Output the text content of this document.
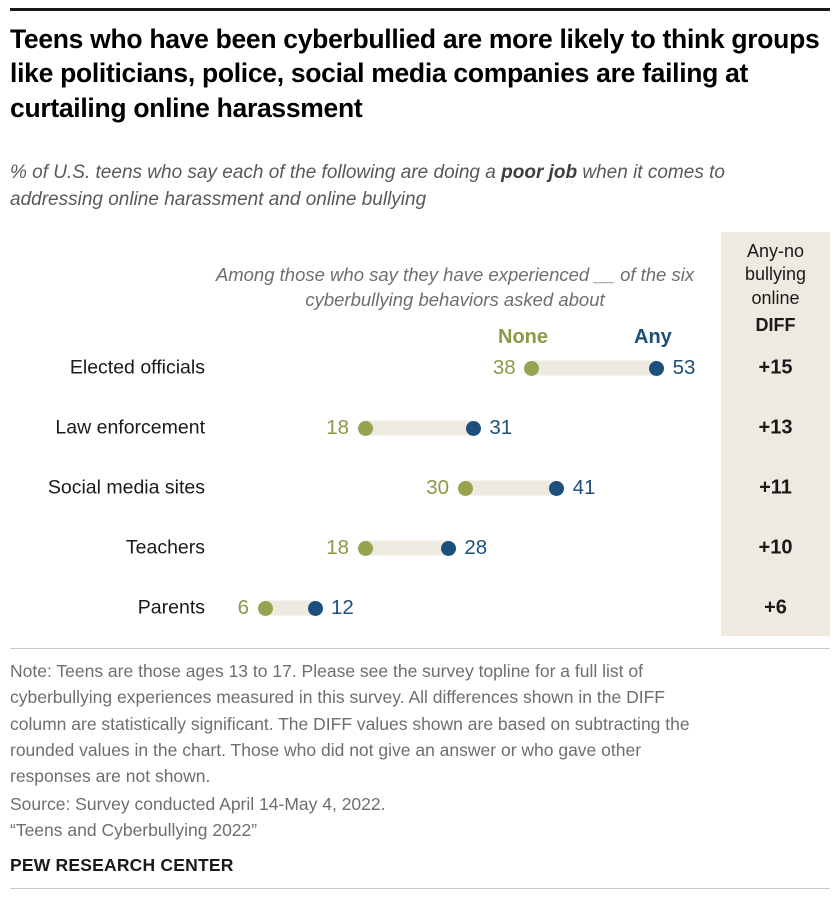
Teens who have been cyberbullied are more likely to think groups like politicians, police, social media companies are failing at curtailing online harassment
% of U.S. teens who say each of the following are doing a poor job when it comes to addressing online harassment and online bullying
Any-no
bullying
online
DIFF
Among those who say they have experienced __ of the six cyberbullying behaviors asked about
None	Any
Elected officials	38	53	+15
Law enforcement	18	31	+13
Social media sites	30	41	+11
Teachers	18	28	+10
Parents 6	12	+6
Note: Teens are those ages 13 to 17. Please see the survey topline for a full list of cyberbullying experiences measured in this survey. All differences shown in the DIFF column are statistically significant. The DIFF values shown are based on subtracting the rounded values in the chart. Those who did not give an answer or who gave other responses are not shown.
Source: Survey conducted April 14-May 4, 2022.
“Teens and Cyberbullying 2022”
PEW RESEARCH CENTER
